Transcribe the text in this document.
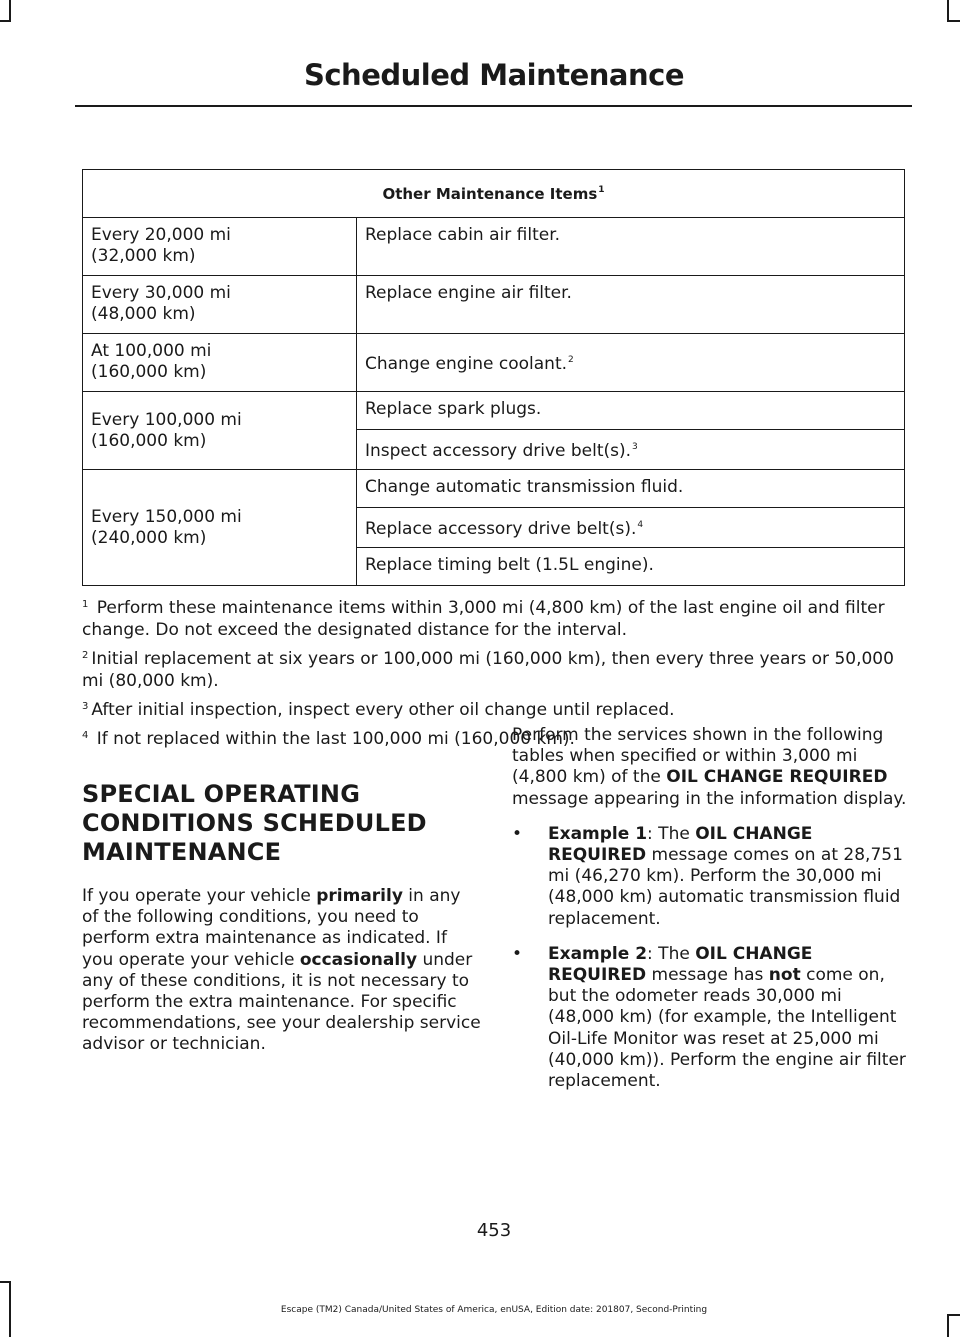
Scheduled Maintenance
Other Maintenance Items$^1$

Every 20,000 mi
(32,000 km)	Replace cabin air filter.

Every 30,000 mi
(48,000 km)	Replace engine air filter.

At 100,000 mi
(160,000 km)	Change engine coolant.$^2$

Every 100,000 mi
(160,000 km)	Replace spark plugs.
	Inspect accessory drive belt(s).$^3$

Every 150,000 mi
(240,000 km)	Change automatic transmission fluid.
	Replace accessory drive belt(s).$^4$
	Replace timing belt (1.5L engine).

$^1$ Perform these maintenance items within 3,000 mi (4,800 km) of the last engine oil and filter change. Do not exceed the designated distance for the interval.

$^2$ Initial replacement at six years or 100,000 mi (160,000 km), then every three years or 50,000 mi (80,000 km).

$^3$ After initial inspection, inspect every other oil change until replaced.

$^4$ If not replaced within the last 100,000 mi (160,000 km).

SPECIAL OPERATING
CONDITIONS SCHEDULED
MAINTENANCE

If you operate your vehicle primarily in any of the following conditions, you need to perform extra maintenance as indicated. If you operate your vehicle occasionally under any of these conditions, it is not necessary to perform the extra maintenance. For specific recommendations, see your dealership service advisor or technician.

Perform the services shown in the following tables when specified or within 3,000 mi (4,800 km) of the OIL CHANGE REQUIRED message appearing in the information display.

• Example 1: The OIL CHANGE REQUIRED message comes on at 28,751 mi (46,270 km). Perform the 30,000 mi (48,000 km) automatic transmission fluid replacement.
• Example 2: The OIL CHANGE REQUIRED message has not come on, but the odometer reads 30,000 mi (48,000 km) (for example, the Intelligent Oil-Life Monitor was reset at 25,000 mi (40,000 km)). Perform the engine air filter replacement.
453
Escape (TM2) Canada/United States of America, enUSA, Edition date: 201807, Second-Printing
